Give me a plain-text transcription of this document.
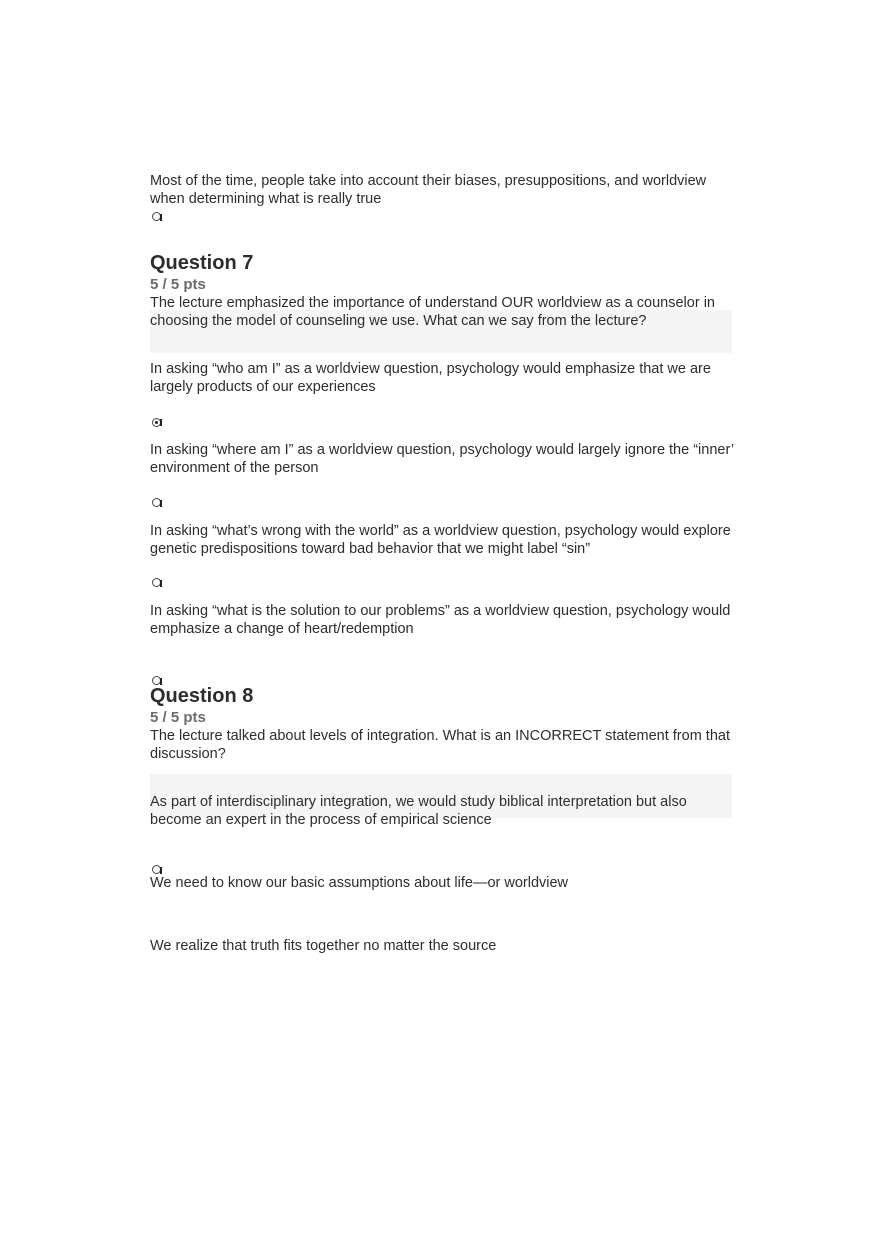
Most of the time, people take into account their biases, presuppositions, and worldview when determining what is really true
Question 7
5 / 5 pts
The lecture emphasized the importance of understand OUR worldview as a counselor in choosing the model of counseling we use. What can we say from the lecture?
In asking “who am I” as a worldview question, psychology would emphasize that we are largely products of our experiences
In asking “where am I” as a worldview question, psychology would largely ignore the “inner’ environment of the person
In asking “what’s wrong with the world” as a worldview question, psychology would explore genetic predispositions toward bad behavior that we might label “sin”
In asking “what is the solution to our problems” as a worldview question, psychology would emphasize a change of heart/redemption
Question 8
5 / 5 pts
The lecture talked about levels of integration. What is an INCORRECT statement from that discussion?
As part of interdisciplinary integration, we would study biblical interpretation but also become an expert in the process of empirical science
We need to know our basic assumptions about life—or worldview
We realize that truth fits together no matter the source
